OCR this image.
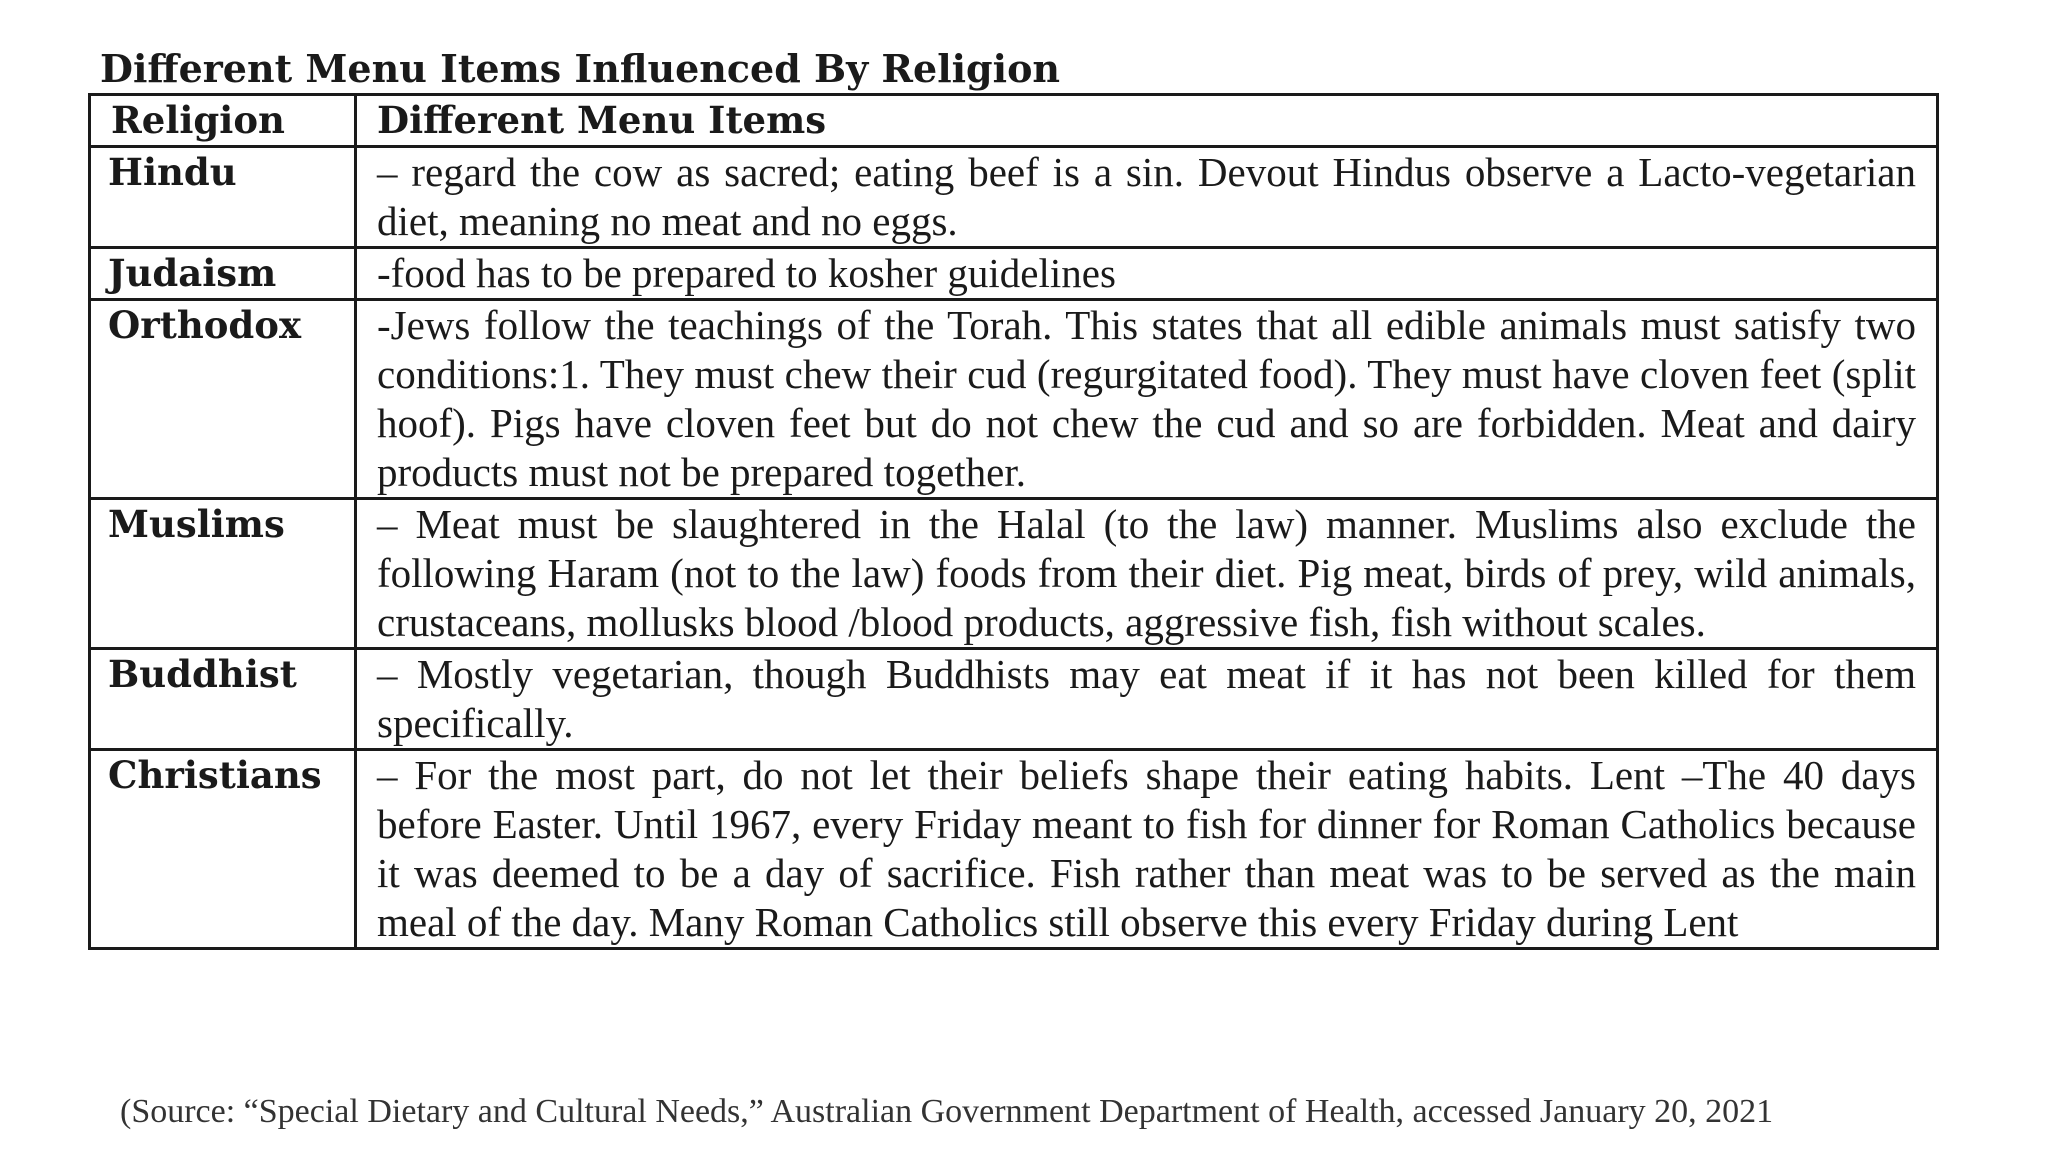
Different Menu Items Influenced By Religion
Religion	Different Menu Items
Hindu	– regard the cow as sacred; eating beef is a sin. Devout Hindus observe a Lacto-vegetarian diet, meaning no meat and no eggs.
Judaism	-food has to be prepared to kosher guidelines
Orthodox	-Jews follow the teachings of the Torah. This states that all edible animals must satisfy two conditions:1. They must chew their cud (regurgitated food). They must have cloven feet (split hoof). Pigs have cloven feet but do not chew the cud and so are forbidden. Meat and dairy products must not be prepared together.
Muslims	– Meat must be slaughtered in the Halal (to the law) manner. Muslims also exclude the following Haram (not to the law) foods from their diet. Pig meat, birds of prey, wild animals, crustaceans, mollusks blood /blood products, aggressive fish, fish without scales.
Buddhist	– Mostly vegetarian, though Buddhists may eat meat if it has not been killed for them specifically.
Christians	– For the most part, do not let their beliefs shape their eating habits. Lent –The 40 days before Easter. Until 1967, every Friday meant to fish for dinner for Roman Catholics because it was deemed to be a day of sacrifice. Fish rather than meat was to be served as the main meal of the day. Many Roman Catholics still observe this every Friday during Lent
(Source: “Special Dietary and Cultural Needs,” Australian Government Department of Health, accessed January 20, 2021
